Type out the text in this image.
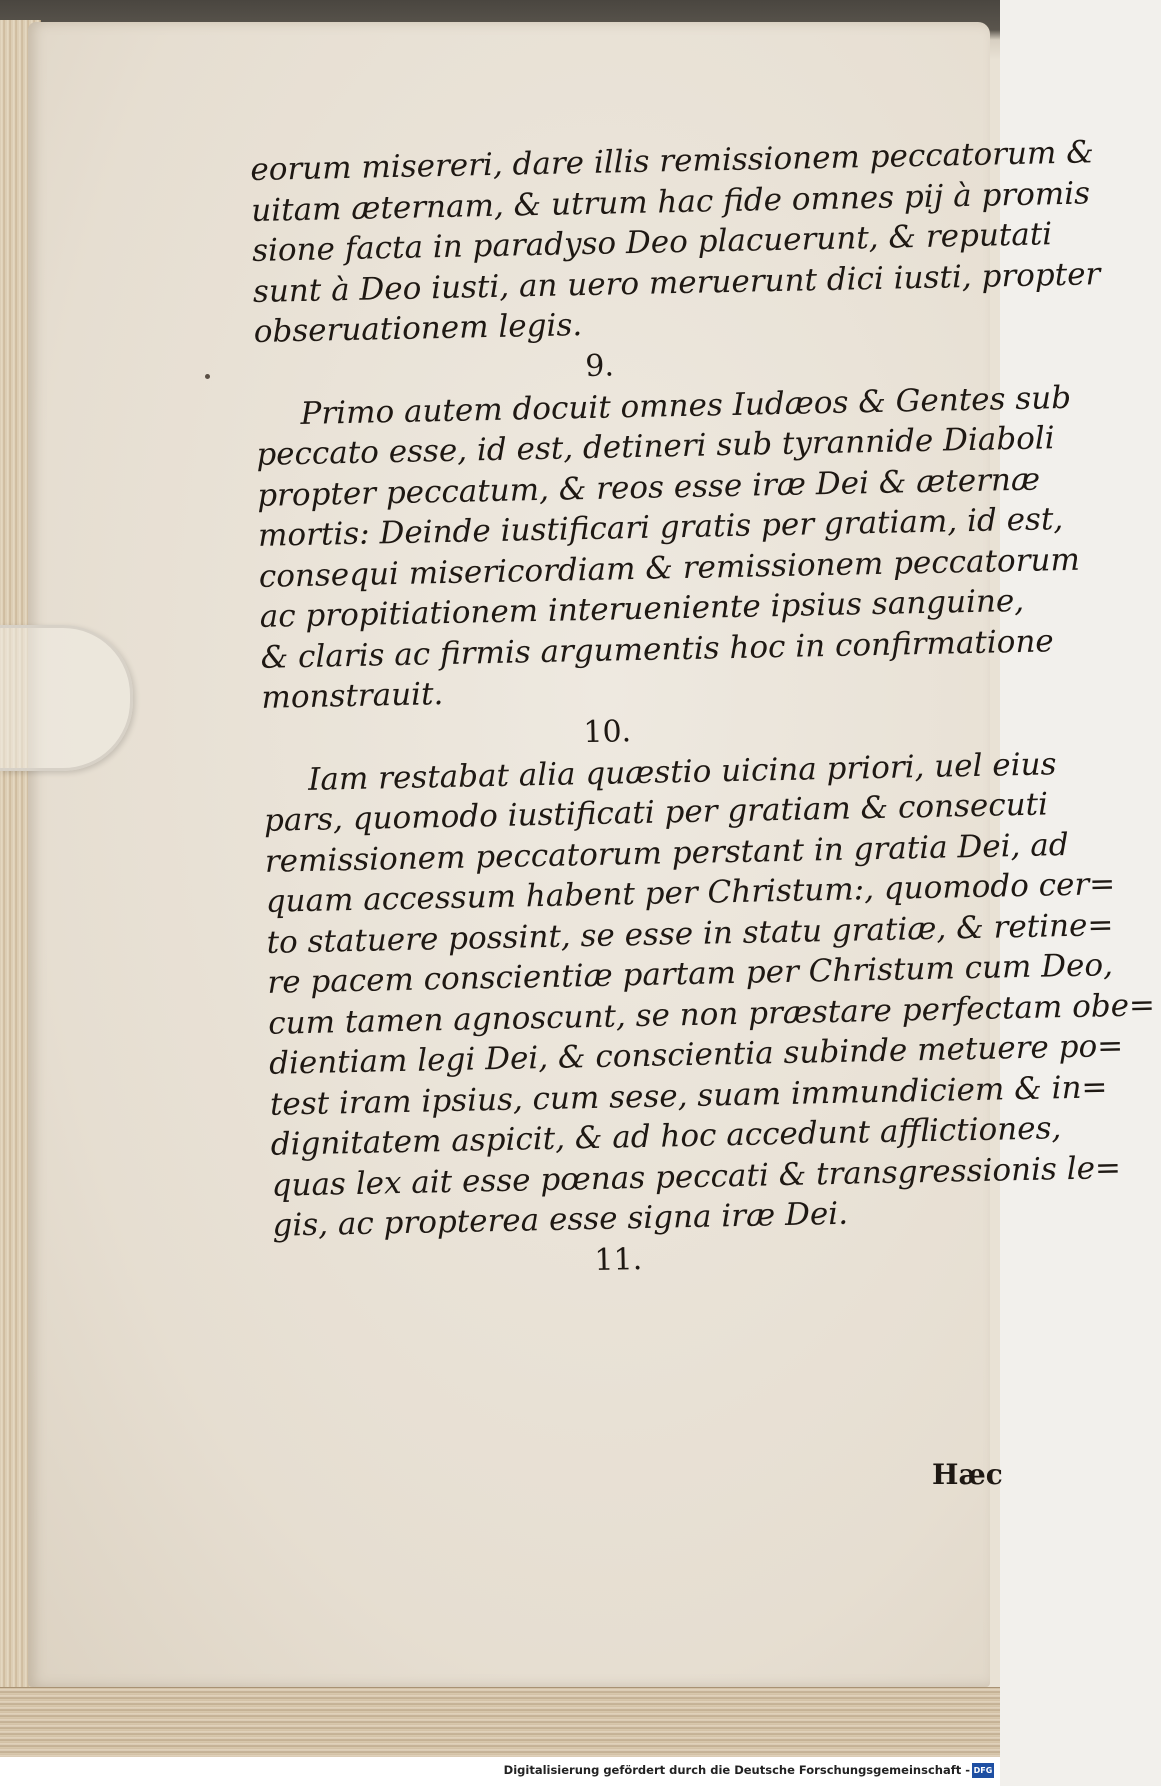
eorum misereri, dare illis remissionem peccatorum &
uitam æternam, & utrum hac fide omnes pij à promis
sione facta in paradyso Deo placuerunt, & reputati
sunt à Deo iusti, an uero meruerunt dici iusti, propter
obseruationem legis.
9.
Primo autem docuit omnes Iudæos & Gentes sub
peccato esse, id est, detineri sub tyrannide Diaboli
propter peccatum, & reos esse iræ Dei & æternæ
mortis: Deinde iustificari gratis per gratiam, id est,
consequi misericordiam & remissionem peccatorum
ac propitiationem interueniente ipsius sanguine,
& claris ac firmis argumentis hoc in confirmatione
monstrauit.
10.
Iam restabat alia quæstio uicina priori, uel eius
pars, quomodo iustificati per gratiam & consecuti
remissionem peccatorum perstant in gratia Dei, ad
quam accessum habent per Christum:, quomodo cer=
to statuere possint, se esse in statu gratiæ, & retine=
re pacem conscientiæ partam per Christum cum Deo,
cum tamen agnoscunt, se non præstare perfectam obe=
dientiam legi Dei, & conscientia subinde metuere po=
test iram ipsius, cum sese, suam immundiciem & in=
dignitatem aspicit, & ad hoc accedunt afflictiones,
quas lex ait esse pœnas peccati & transgressionis le=
gis, ac propterea esse signa iræ Dei.
11.
Hæc
Digitalisierung gefördert durch die Deutsche Forschungsgemeinschaft - DFG
